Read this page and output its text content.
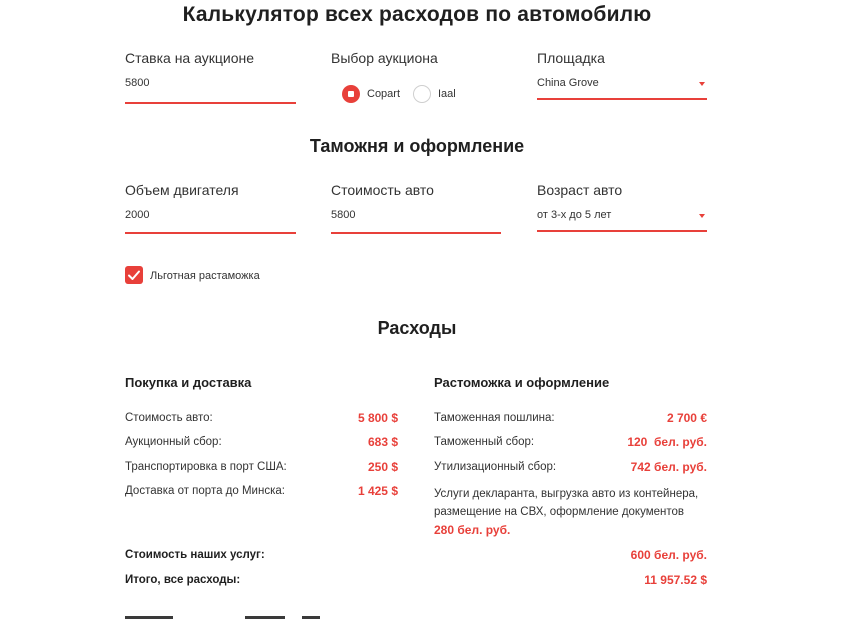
Калькулятор всех расходов по автомобилю
Ставка на аукционе
5800
Выбор аукциона
Copart	Iaal
Площадка
China Grove
Таможня и оформление
Объем двигателя
2000
Стоимость авто
5800
Возраст авто
от 3-х до 5 лет
Льготная растаможка
Расходы
Покупка и доставка
Стоимость авто:	5 800 $
Аукционный сбор:	683 $
Транспортировка в порт США:	250 $
Доставка от порта до Минска:	1 425 $
Растоможка и оформление
Таможенная пошлина:	2 700 €
Таможенный сбор:	120  бел. руб.
Утилизационный сбор:	742 бел. руб.
Услуги декларанта, выгрузка авто из контейнера,
размещение на СВХ, оформление документов
280 бел. руб.
Стоимость наших услуг:	600 бел. руб.
Итого, все расходы:	11 957.52 $
